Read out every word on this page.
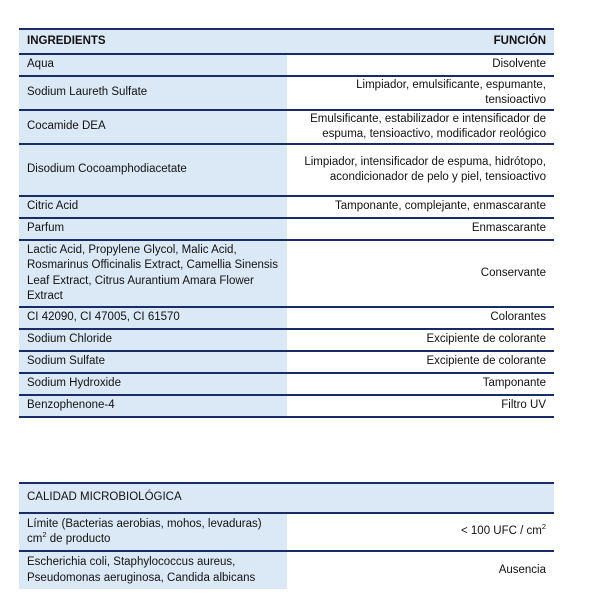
INGREDIENTS	FUNCIÓN
Aqua	Disolvente
Sodium Laureth Sulfate	Limpiador, emulsificante, espumante, tensioactivo
Cocamide DEA	Emulsificante, estabilizador e intensificador de espuma, tensioactivo, modificador reológico
Disodium Cocoamphodiacetate	Limpiador, intensificador de espuma, hidrótopo, acondicionador de pelo y piel, tensioactivo
Citric Acid	Tamponante, complejante, enmascarante
Parfum	Enmascarante
Lactic Acid, Propylene Glycol, Malic Acid, Rosmarinus Officinalis Extract, Camellia Sinensis Leaf Extract, Citrus Aurantium Amara Flower Extract	Conservante
CI 42090, CI 47005, CI 61570	Colorantes
Sodium Chloride	Excipiente de colorante
Sodium Sulfate	Excipiente de colorante
Sodium Hydroxide	Tamponante
Benzophenone-4	Filtro UV
CALIDAD MICROBIOLÓGICA	
Límite (Bacterias aerobias, mohos, levaduras) $cm^2$ de producto	< 100 UFC / $cm^2$
Escherichia coli, Staphylococcus aureus, Pseudomonas aeruginosa, Candida albicans	Ausencia
